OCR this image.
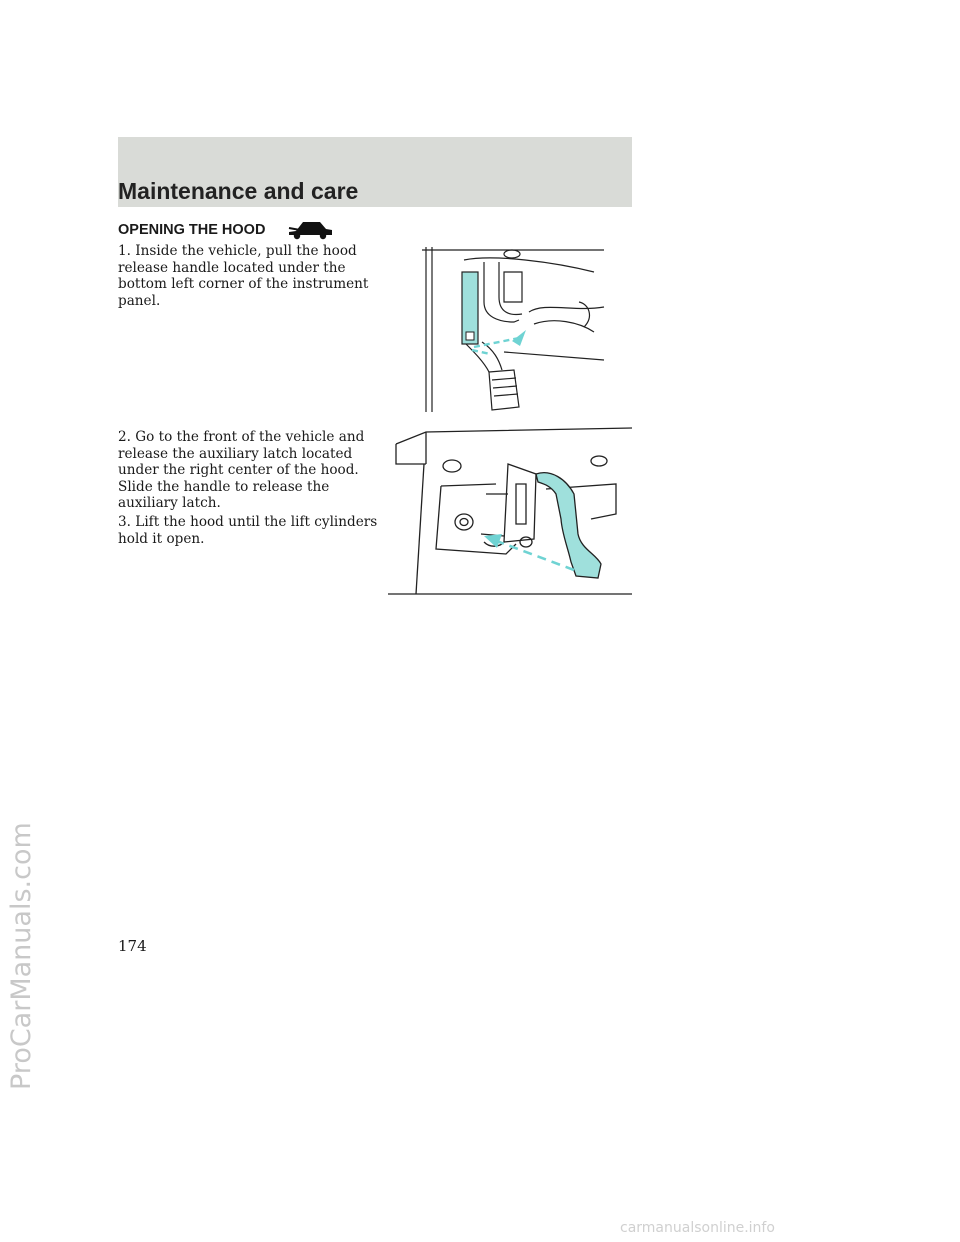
Maintenance and care
OPENING THE HOOD
1. Inside the vehicle, pull the hood release handle located under the bottom left corner of the instrument panel.
2. Go to the front of the vehicle and release the auxiliary latch located under the right center of the hood. Slide the handle to release the auxiliary latch.
3. Lift the hood until the lift cylinders hold it open.
ProCarManuals.com	174
carmanualsonline.info
